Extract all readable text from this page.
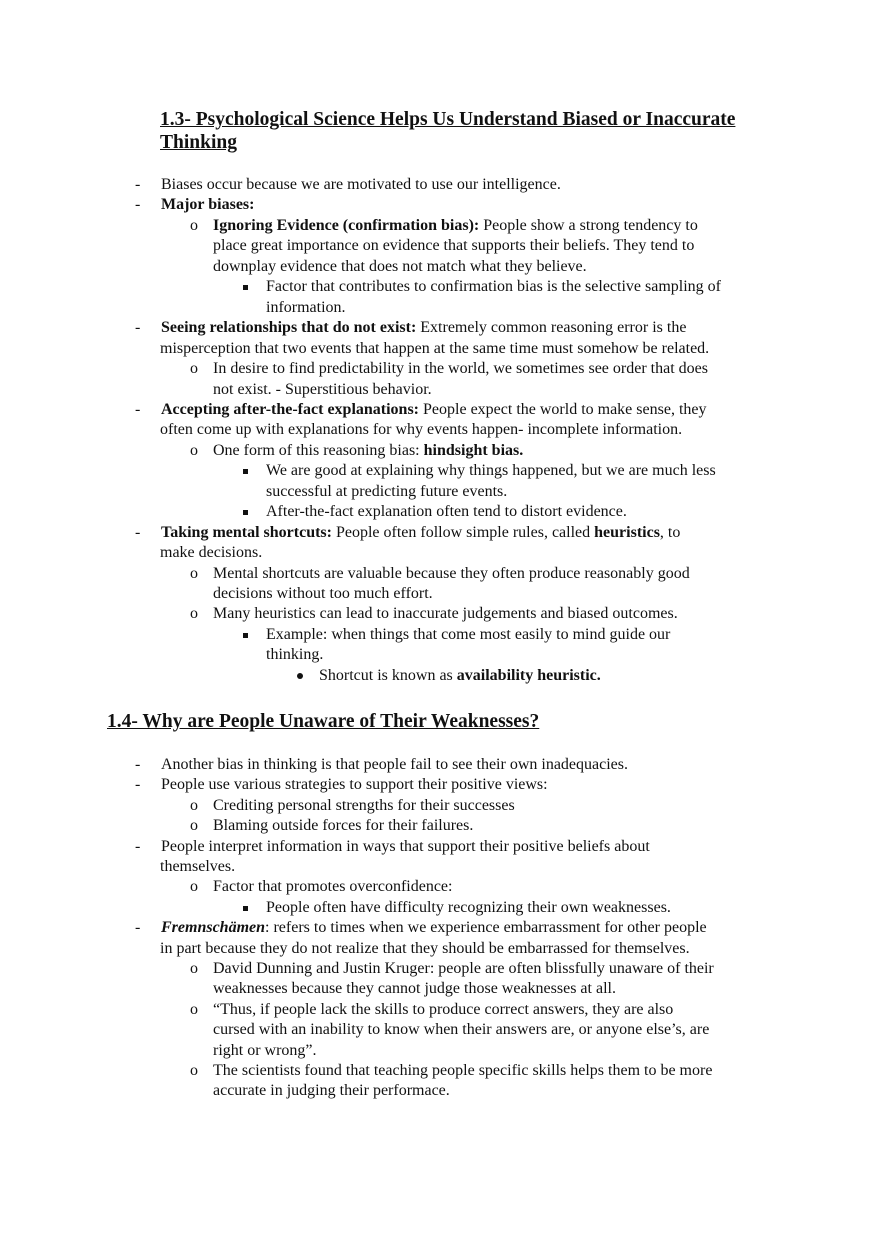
1.3- Psychological Science Helps Us Understand Biased or Inaccurate
Thinking
- Biases occur because we are motivated to use our intelligence.
- Major biases:
o Ignoring Evidence (confirmation bias): People show a strong tendency to
place great importance on evidence that supports their beliefs. They tend to
downplay evidence that does not match what they believe.
Factor that contributes to confirmation bias is the selective sampling of
information.
- Seeing relationships that do not exist: Extremely common reasoning error is the
misperception that two events that happen at the same time must somehow be related.
o In desire to find predictability in the world, we sometimes see order that does
not exist. - Superstitious behavior.
- Accepting after-the-fact explanations: People expect the world to make sense, they
often come up with explanations for why events happen- incomplete information.
o One form of this reasoning bias: hindsight bias.
We are good at explaining why things happened, but we are much less
successful at predicting future events.
After-the-fact explanation often tend to distort evidence.
- Taking mental shortcuts: People often follow simple rules, called heuristics, to
make decisions.
o Mental shortcuts are valuable because they often produce reasonably good
decisions without too much effort.
o Many heuristics can lead to inaccurate judgements and biased outcomes.
Example: when things that come most easily to mind guide our
thinking.
Shortcut is known as availability heuristic.
1.4- Why are People Unaware of Their Weaknesses?
- Another bias in thinking is that people fail to see their own inadequacies.
- People use various strategies to support their positive views:
o Crediting personal strengths for their successes
o Blaming outside forces for their failures.
- People interpret information in ways that support their positive beliefs about
themselves.
o Factor that promotes overconfidence:
People often have difficulty recognizing their own weaknesses.
- Fremnschämen: refers to times when we experience embarrassment for other people
in part because they do not realize that they should be embarrassed for themselves.
o David Dunning and Justin Kruger: people are often blissfully unaware of their
weaknesses because they cannot judge those weaknesses at all.
o “Thus, if people lack the skills to produce correct answers, they are also
cursed with an inability to know when their answers are, or anyone else’s, are
right or wrong”.
o The scientists found that teaching people specific skills helps them to be more
accurate in judging their performace.
